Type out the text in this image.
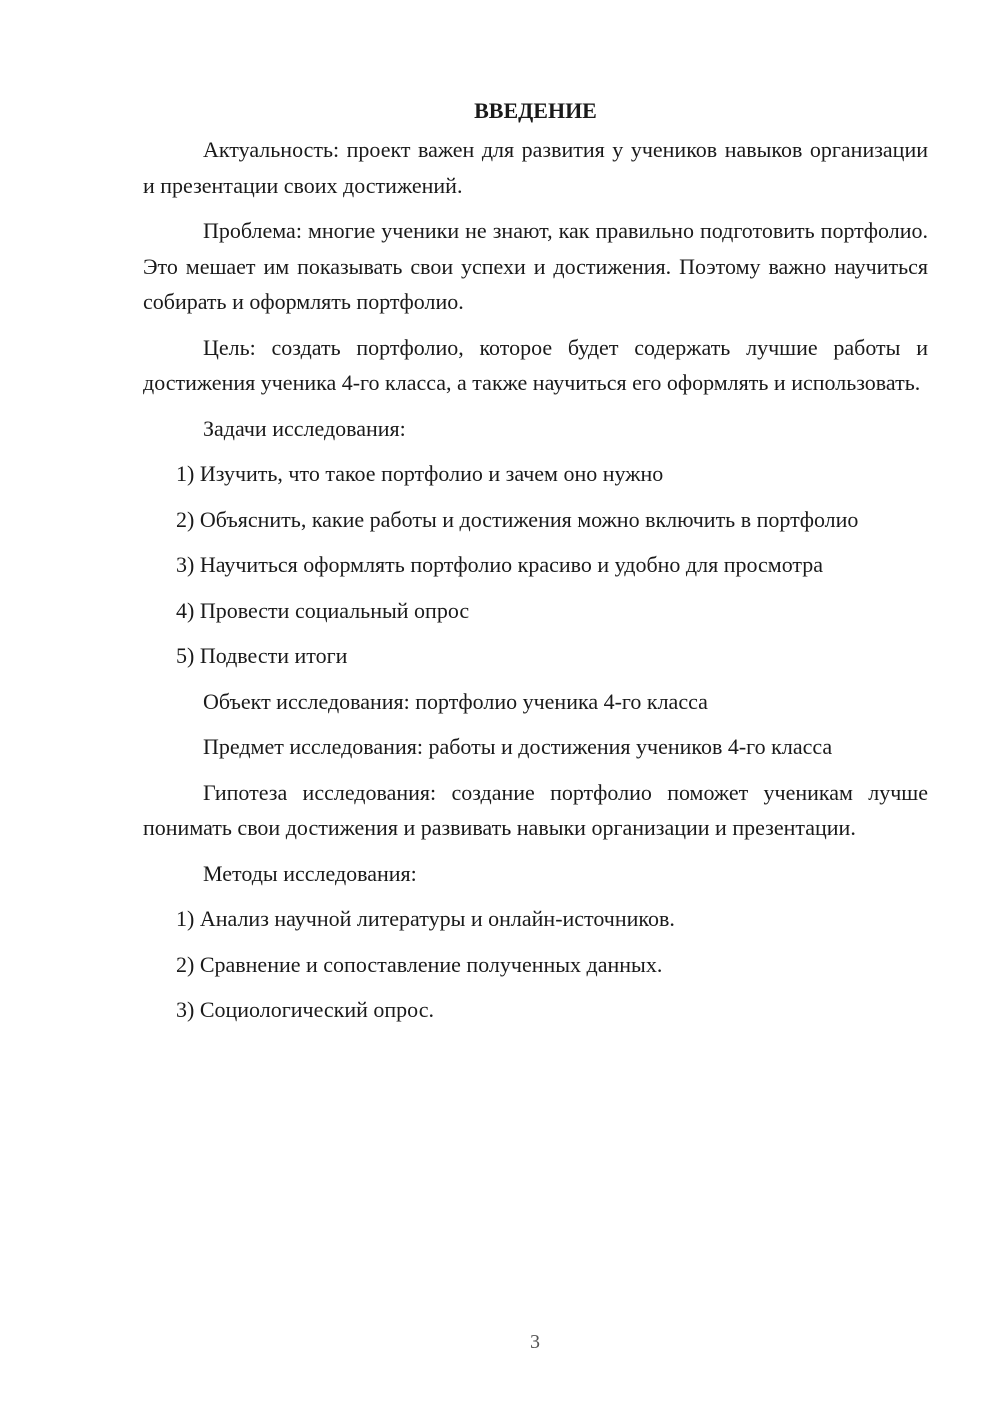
ВВЕДЕНИЕ

Актуальность: проект важен для развития у учеников навыков организации и презентации своих достижений.

Проблема: многие ученики не знают, как правильно подготовить портфолио. Это мешает им показывать свои успехи и достижения. Поэтому важно научиться собирать и оформлять портфолио.

Цель: создать портфолио, которое будет содержать лучшие работы и достижения ученика 4-го класса, а также научиться его оформлять и использовать.

Задачи исследования:

1) Изучить, что такое портфолио и зачем оно нужно

2) Объяснить, какие работы и достижения можно включить в портфолио

3) Научиться оформлять портфолио красиво и удобно для просмотра

4) Провести социальный опрос

5) Подвести итоги

Объект исследования: портфолио ученика 4-го класса

Предмет исследования: работы и достижения учеников 4-го класса

Гипотеза исследования: создание портфолио поможет ученикам лучше понимать свои достижения и развивать навыки организации и презентации.

Методы исследования:

1) Анализ научной литературы и онлайн-источников.

2) Сравнение и сопоставление полученных данных.

3) Социологический опрос.

3
